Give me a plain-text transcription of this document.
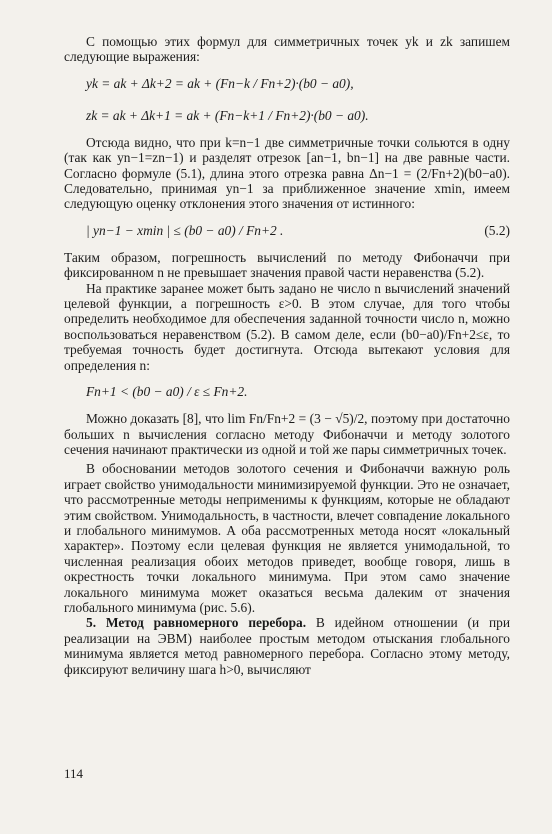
С помощью этих формул для симметричных точек yk и zk запишем следующие выражения:

yk = ak + Δk+2 = ak + (Fn−k / Fn+2)·(b0 − a0),
zk = ak + Δk+1 = ak + (Fn−k+1 / Fn+2)·(b0 − a0).

Отсюда видно, что при k=n−1 две симметричные точки сольются в одну (так как yn−1=zn−1) и разделят отрезок [an−1, bn−1] на две равные части. Согласно формуле (5.1), длина этого отрезка равна Δn−1 = (2/Fn+2)(b0−a0). Следовательно, принимая yn−1 за приближенное значение xmin, имеем следующую оценку отклонения этого значения от истинного:

| yn−1 − xmin | ≤ (b0 − a0) / Fn+2 .	(5.2)

Таким образом, погрешность вычислений по методу Фибоначчи при фиксированном n не превышает значения правой части неравенства (5.2).

На практике заранее может быть задано не число n вычислений значений целевой функции, а погрешность ε>0. В этом случае, для того чтобы определить необходимое для обеспечения заданной точности число n, можно воспользоваться неравенством (5.2). В самом деле, если (b0−a0)/Fn+2≤ε, то требуемая точность будет достигнута. Отсюда вытекают условия для определения n:

Fn+1 < (b0 − a0) / ε ≤ Fn+2.

Можно доказать [8], что lim Fn/Fn+2 = (3 − √5)/2, поэтому при достаточно больших n вычисления согласно методу Фибоначчи и методу золотого сечения начинают практически из одной и той же пары симметричных точек.

В обосновании методов золотого сечения и Фибоначчи важную роль играет свойство унимодальности минимизируемой функции. Это не означает, что рассмотренные методы неприменимы к функциям, которые не обладают этим свойством. Унимодальность, в частности, влечет совпадение локального и глобального минимумов. А оба рассмотренных метода носят «локальный характер». Поэтому если целевая функция не является унимодальной, то численная реализация обоих методов приведет, вообще говоря, лишь в окрестность точки локального минимума. При этом само значение локального минимума может оказаться весьма далеким от значения глобального минимума (рис. 5.6).

5. Метод равномерного перебора. В идейном отношении (и при реализации на ЭВМ) наиболее простым методом отыскания глобального минимума является метод равномерного перебора. Согласно этому методу, фиксируют величину шага h>0, вычисляют

114
